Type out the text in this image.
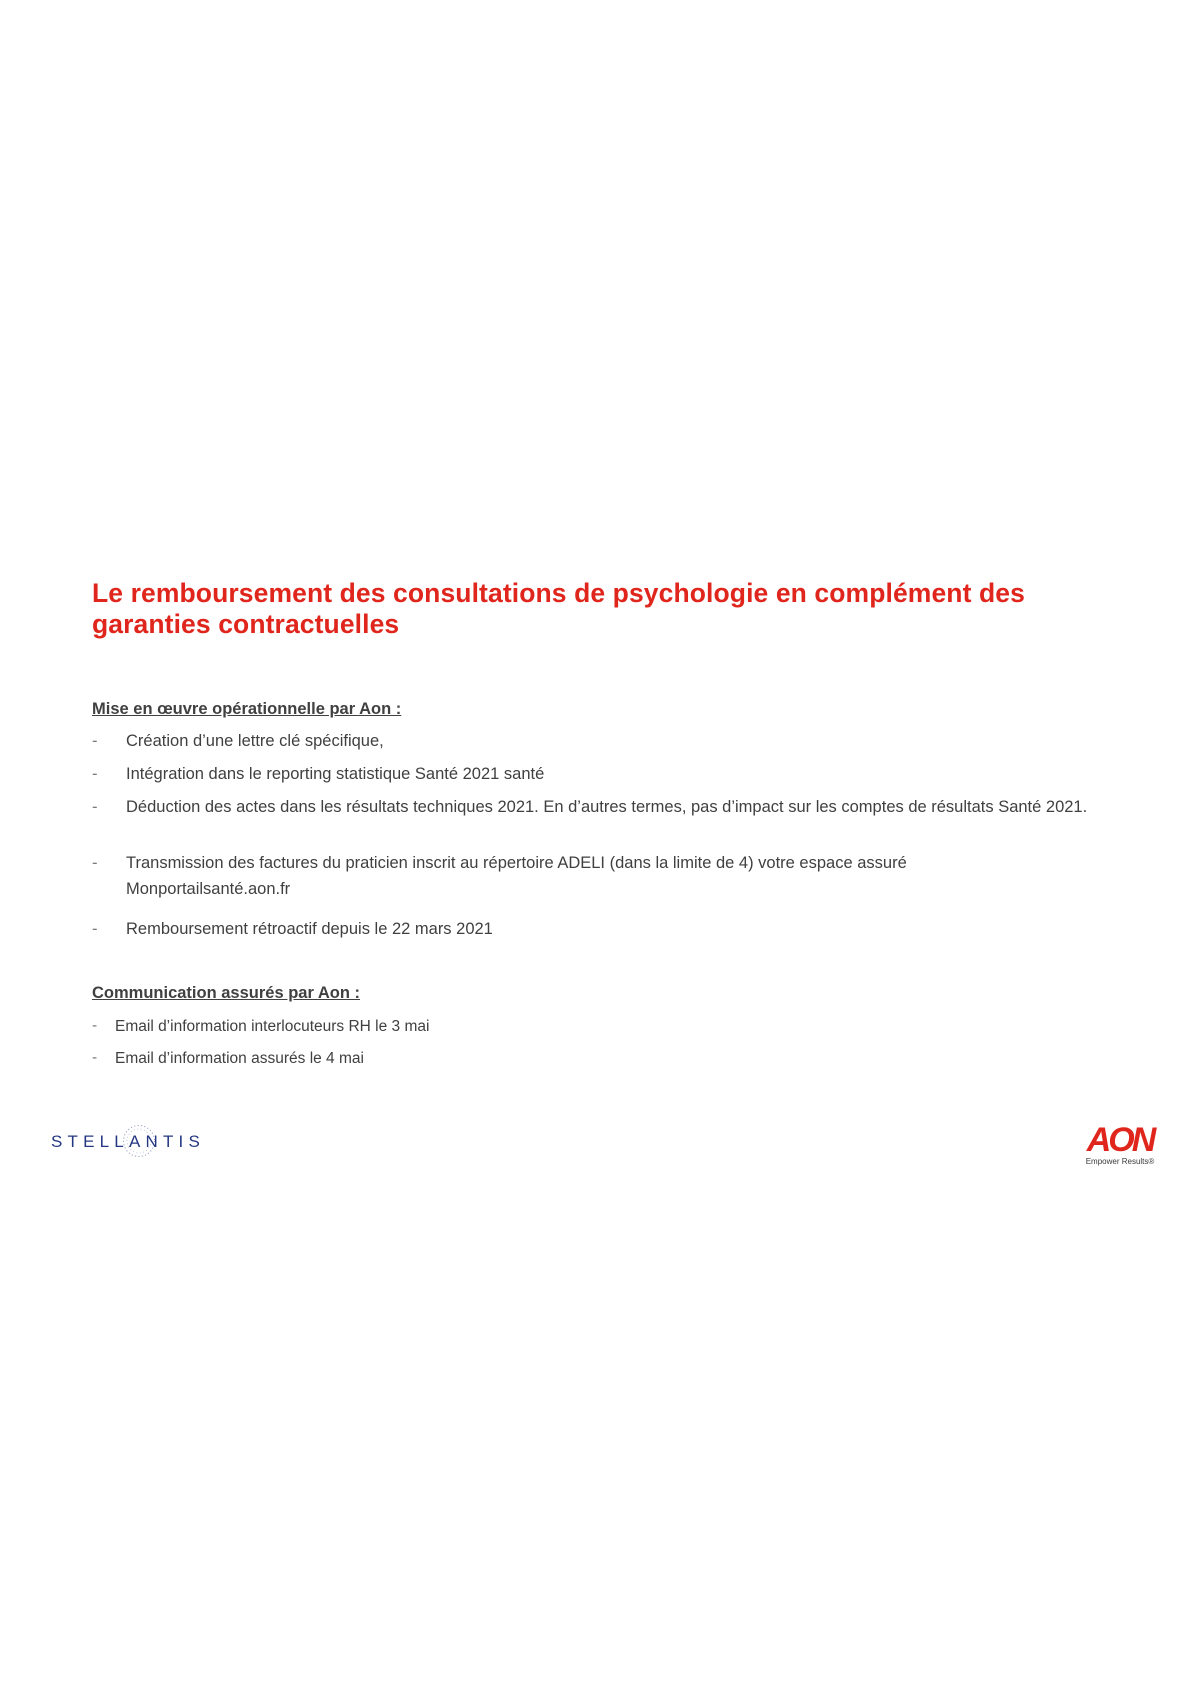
Le remboursement des consultations de psychologie en complément des garanties contractuelles
Mise en œuvre opérationnelle par Aon :
- Création d’une lettre clé spécifique,
- Intégration dans le reporting statistique Santé 2021 santé
- Déduction des actes dans les résultats techniques 2021. En d’autres termes, pas d’impact sur les comptes de résultats Santé 2021.
- Transmission des factures du praticien inscrit au répertoire ADELI (dans la limite de 4) votre espace assuré
Monportailsanté.aon.fr
- Remboursement rétroactif depuis le 22 mars 2021
Communication assurés par Aon :
- Email d’information interlocuteurs RH le 3 mai
- Email d’information assurés le 4 mai
STELLANTIS	AON
Empower Results®
